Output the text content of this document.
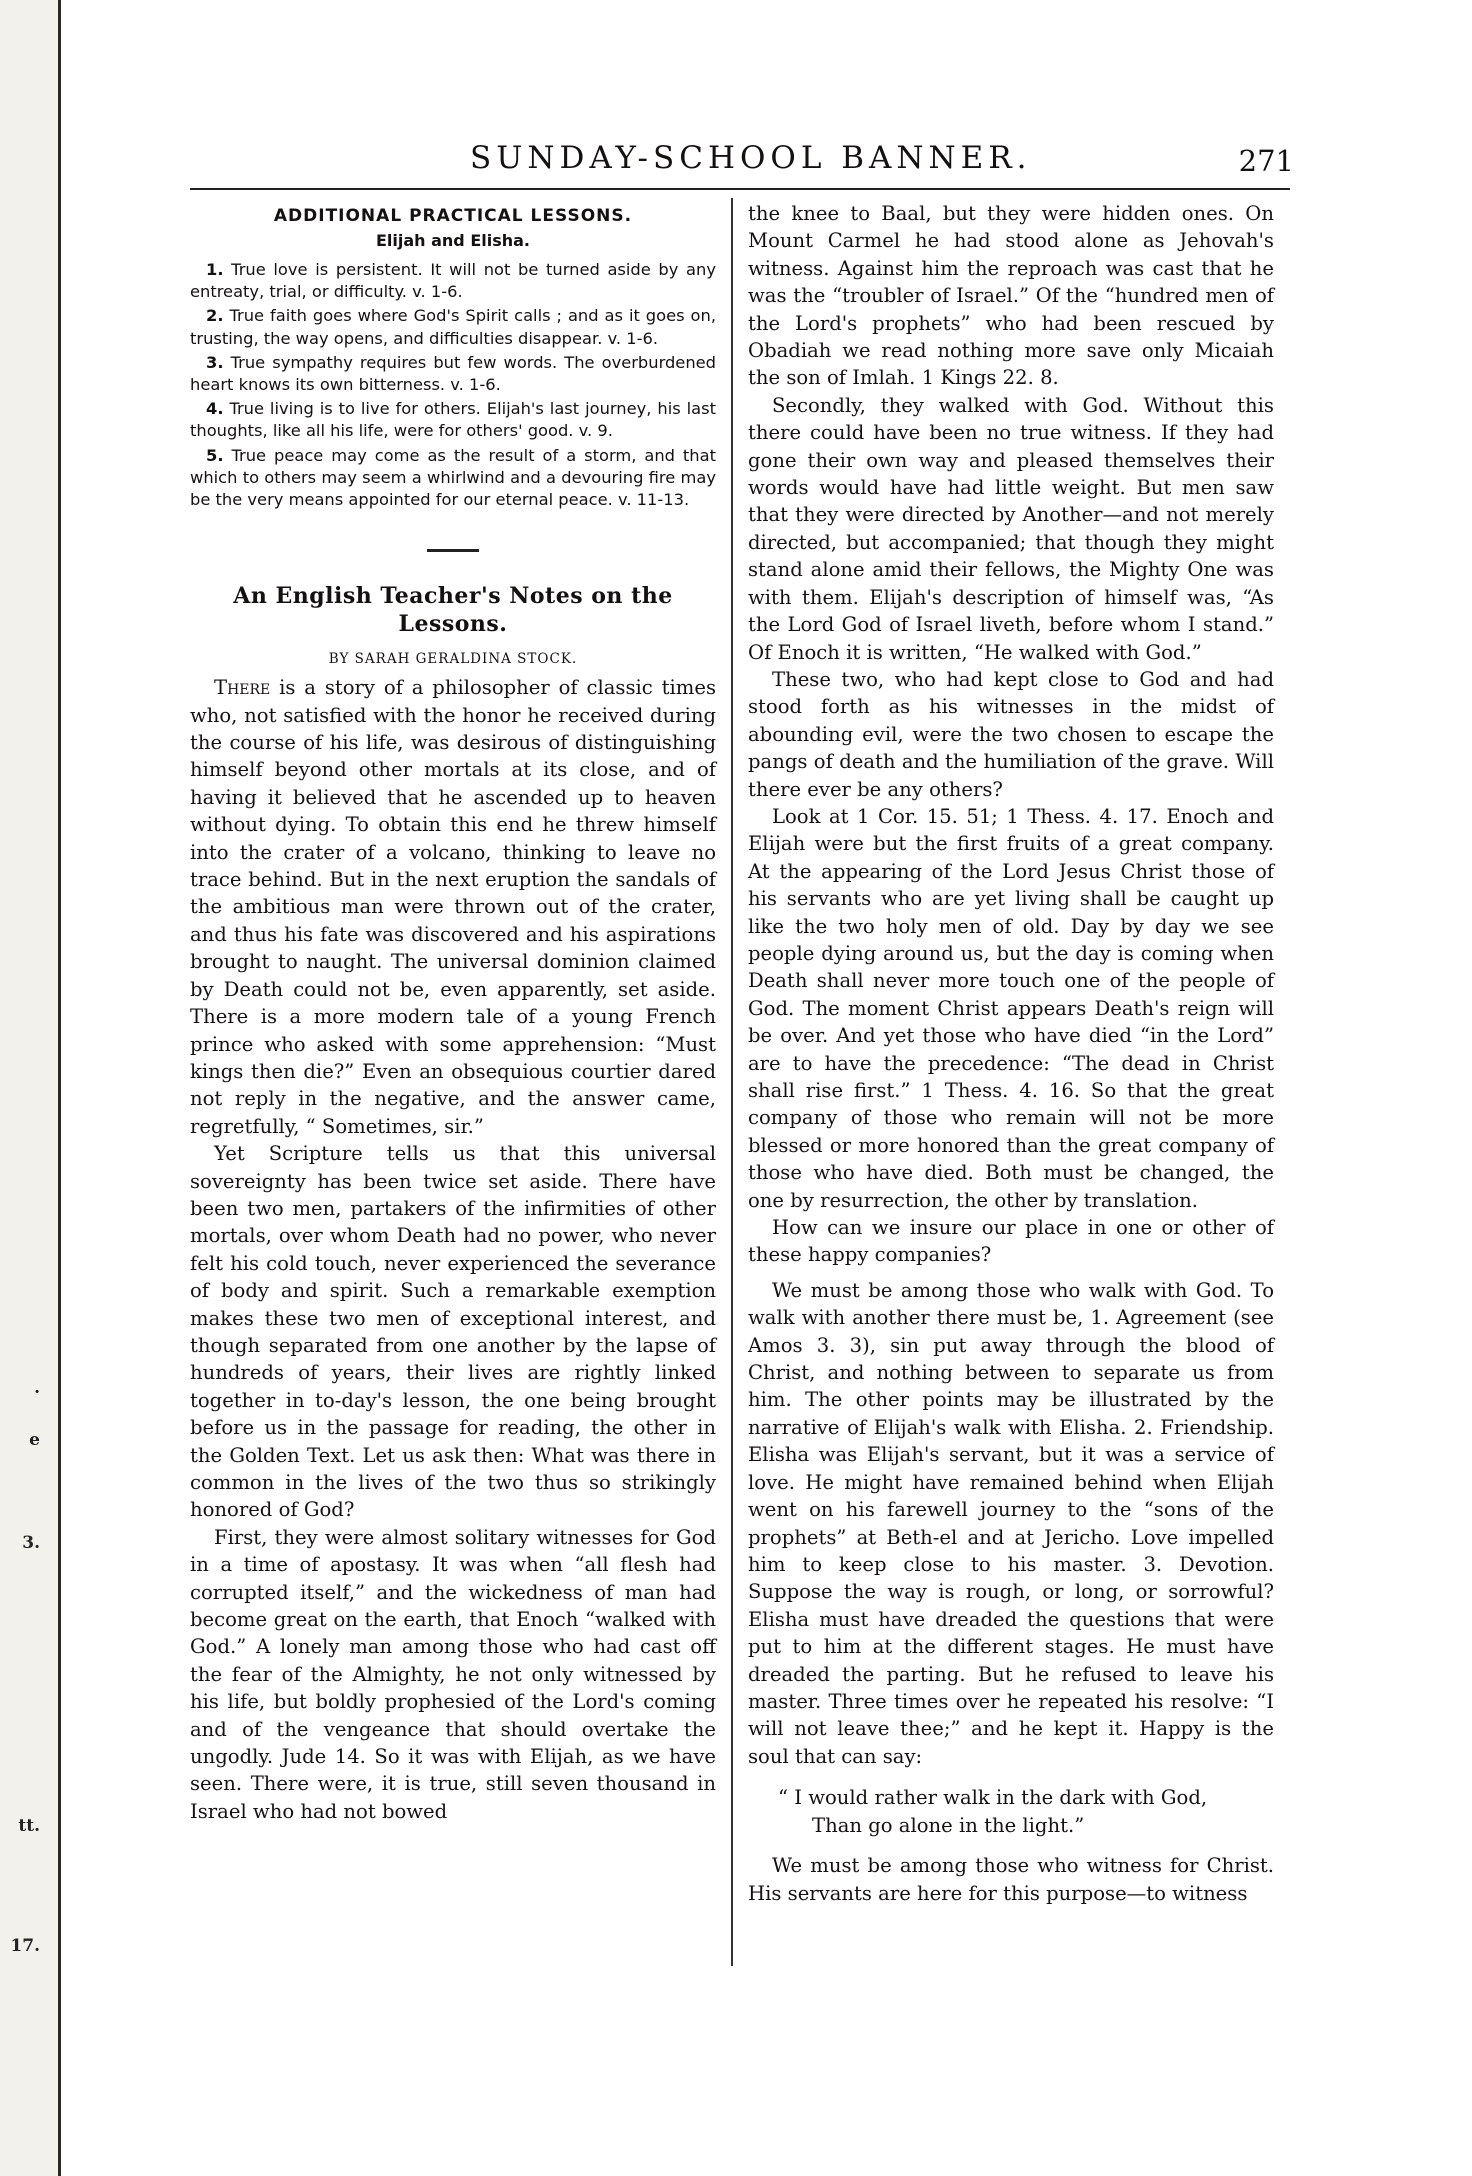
.
e
3.
tt.
17.
SUNDAY-SCHOOL BANNER.	271
ADDITIONAL PRACTICAL LESSONS.
Elijah and Elisha.

1. True love is persistent. It will not be turned aside by any entreaty, trial, or difficulty. v. 1-6.

2. True faith goes where God's Spirit calls ; and as it goes on, trusting, the way opens, and difficulties disappear. v. 1-6.

3. True sympathy requires but few words. The overburdened heart knows its own bitterness. v. 1-6.

4. True living is to live for others. Elijah's last journey, his last thoughts, like all his life, were for others' good. v. 9.

5. True peace may come as the result of a storm, and that which to others may seem a whirlwind and a devouring fire may be the very means appointed for our eternal peace. v. 11-13.

An English Teacher's Notes on the Lessons.
BY SARAH GERALDINA STOCK.

There is a story of a philosopher of classic times who, not satisfied with the honor he received during the course of his life, was desirous of distinguishing himself beyond other mortals at its close, and of having it believed that he ascended up to heaven without dying. To obtain this end he threw himself into the crater of a volcano, thinking to leave no trace behind. But in the next eruption the sandals of the ambitious man were thrown out of the crater, and thus his fate was discovered and his aspirations brought to naught. The universal dominion claimed by Death could not be, even apparently, set aside. There is a more modern tale of a young French prince who asked with some apprehension: “Must kings then die?” Even an obsequious courtier dared not reply in the negative, and the answer came, regretfully, “ Sometimes, sir.”

Yet Scripture tells us that this universal sovereignty has been twice set aside. There have been two men, partakers of the infirmities of other mortals, over whom Death had no power, who never felt his cold touch, never experienced the severance of body and spirit. Such a remarkable exemption makes these two men of exceptional interest, and though separated from one another by the lapse of hundreds of years, their lives are rightly linked together in to-day's lesson, the one being brought before us in the passage for reading, the other in the Golden Text. Let us ask then: What was there in common in the lives of the two thus so strikingly honored of God?

First, they were almost solitary witnesses for God in a time of apostasy. It was when “all flesh had corrupted itself,” and the wickedness of man had become great on the earth, that Enoch “walked with God.” A lonely man among those who had cast off the fear of the Almighty, he not only witnessed by his life, but boldly prophesied of the Lord's coming and of the vengeance that should overtake the ungodly. Jude 14. So it was with Elijah, as we have seen. There were, it is true, still seven thousand in Israel who had not bowed

the knee to Baal, but they were hidden ones. On Mount Carmel he had stood alone as Jehovah's witness. Against him the reproach was cast that he was the “troubler of Israel.” Of the “hundred men of the Lord's prophets” who had been rescued by Obadiah we read nothing more save only Micaiah the son of Imlah. 1 Kings 22. 8.

Secondly, they walked with God. Without this there could have been no true witness. If they had gone their own way and pleased themselves their words would have had little weight. But men saw that they were directed by Another—and not merely directed, but accompanied; that though they might stand alone amid their fellows, the Mighty One was with them. Elijah's description of himself was, “As the Lord God of Israel liveth, before whom I stand.” Of Enoch it is written, “He walked with God.”

These two, who had kept close to God and had stood forth as his witnesses in the midst of abounding evil, were the two chosen to escape the pangs of death and the humiliation of the grave. Will there ever be any others?

Look at 1 Cor. 15. 51; 1 Thess. 4. 17. Enoch and Elijah were but the first fruits of a great company. At the appearing of the Lord Jesus Christ those of his servants who are yet living shall be caught up like the two holy men of old. Day by day we see people dying around us, but the day is coming when Death shall never more touch one of the people of God. The moment Christ appears Death's reign will be over. And yet those who have died “in the Lord” are to have the precedence: “The dead in Christ shall rise first.” 1 Thess. 4. 16. So that the great company of those who remain will not be more blessed or more honored than the great company of those who have died. Both must be changed, the one by resurrection, the other by translation.

How can we insure our place in one or other of these happy companies?

We must be among those who walk with God. To walk with another there must be, 1. Agreement (see Amos 3. 3), sin put away through the blood of Christ, and nothing between to separate us from him. The other points may be illustrated by the narrative of Elijah's walk with Elisha. 2. Friendship. Elisha was Elijah's servant, but it was a service of love. He might have remained behind when Elijah went on his farewell journey to the “sons of the prophets” at Beth-el and at Jericho. Love impelled him to keep close to his master. 3. Devotion. Suppose the way is rough, or long, or sorrowful? Elisha must have dreaded the questions that were put to him at the different stages. He must have dreaded the parting. But he refused to leave his master. Three times over he repeated his resolve: “I will not leave thee;” and he kept it. Happy is the soul that can say:

“ I would rather walk in the dark with God,
Than go alone in the light.”

We must be among those who witness for Christ. His servants are here for this purpose—to witness
